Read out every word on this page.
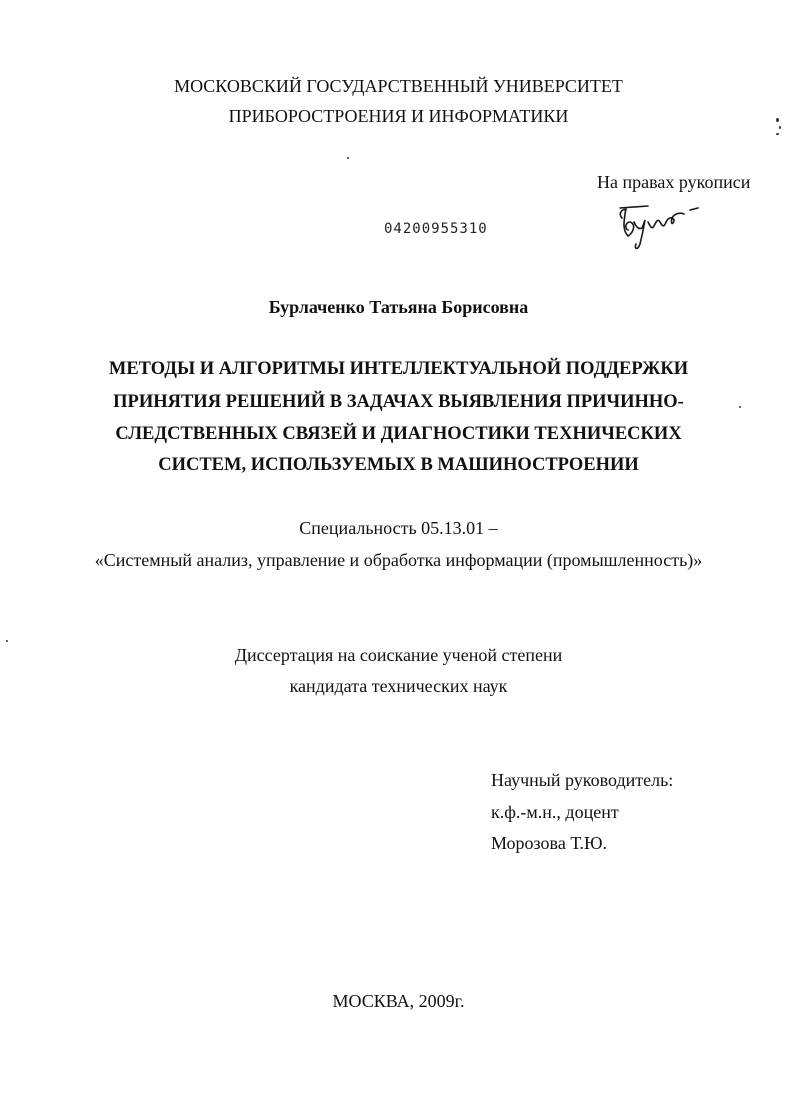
МОСКОВСКИЙ ГОСУДАРСТВЕННЫЙ УНИВЕРСИТЕТ
ПРИБОРОСТРОЕНИЯ И ИНФОРМАТИКИ
На правах рукописи
04200955310
Бурлаченко Татьяна Борисовна
МЕТОДЫ И АЛГОРИТМЫ ИНТЕЛЛЕКТУАЛЬНОЙ ПОДДЕРЖКИ
ПРИНЯТИЯ РЕШЕНИЙ В ЗАДАЧАХ ВЫЯВЛЕНИЯ ПРИЧИННО-
СЛЕДСТВЕННЫХ СВЯЗЕЙ И ДИАГНОСТИКИ ТЕХНИЧЕСКИХ
СИСТЕМ, ИСПОЛЬЗУЕМЫХ В МАШИНОСТРОЕНИИ
Специальность 05.13.01 –
«Системный анализ, управление и обработка информации (промышленность)»
Диссертация на соискание ученой степени
кандидата технических наук
Научный руководитель:
к.ф.-м.н., доцент
Морозова Т.Ю.
МОСКВА, 2009г.
